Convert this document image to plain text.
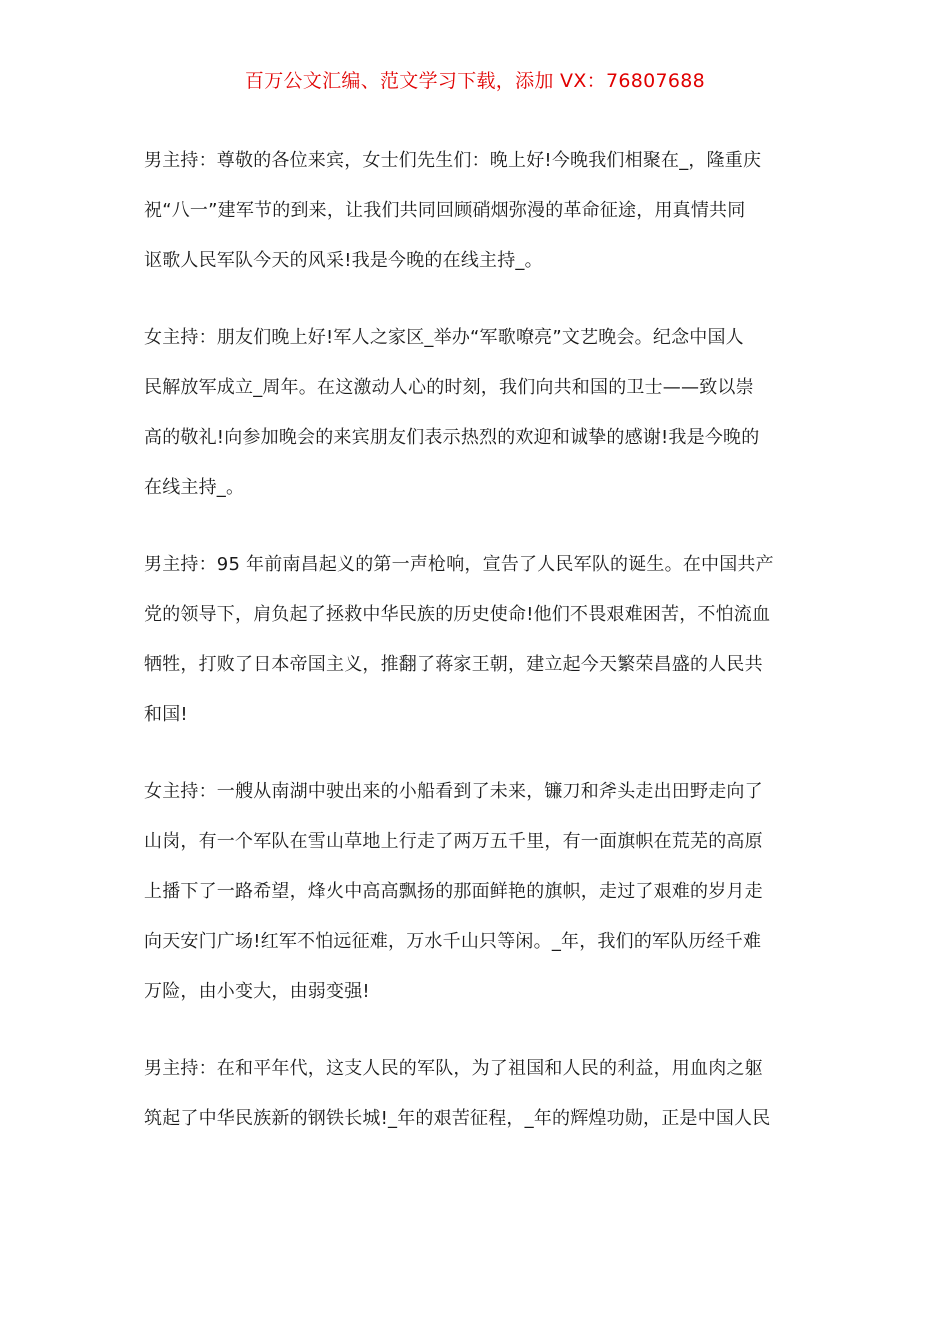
百万公文汇编、范文学习下载，添加 VX：76807688
男主持：尊敬的各位来宾，女士们先生们：晚上好!今晚我们相聚在_，隆重庆
祝“八一”建军节的到来，让我们共同回顾硝烟弥漫的革命征途，用真情共同
讴歌人民军队今天的风采!我是今晚的在线主持_。
女主持：朋友们晚上好!军人之家区_举办“军歌嘹亮”文艺晚会。纪念中国人
民解放军成立_周年。在这激动人心的时刻，我们向共和国的卫士——致以崇
高的敬礼!向参加晚会的来宾朋友们表示热烈的欢迎和诚挚的感谢!我是今晚的
在线主持_。
男主持：95 年前南昌起义的第一声枪响，宣告了人民军队的诞生。在中国共产
党的领导下，肩负起了拯救中华民族的历史使命!他们不畏艰难困苦，不怕流血
牺牲，打败了日本帝国主义，推翻了蒋家王朝，建立起今天繁荣昌盛的人民共
和国!
女主持：一艘从南湖中驶出来的小船看到了未来，镰刀和斧头走出田野走向了
山岗，有一个军队在雪山草地上行走了两万五千里，有一面旗帜在荒芜的高原
上播下了一路希望，烽火中高高飘扬的那面鲜艳的旗帜，走过了艰难的岁月走
向天安门广场!红军不怕远征难，万水千山只等闲。_年，我们的军队历经千难
万险，由小变大，由弱变强!
男主持：在和平年代，这支人民的军队，为了祖国和人民的利益，用血肉之躯
筑起了中华民族新的钢铁长城!_年的艰苦征程，_年的辉煌功勋，正是中国人民
